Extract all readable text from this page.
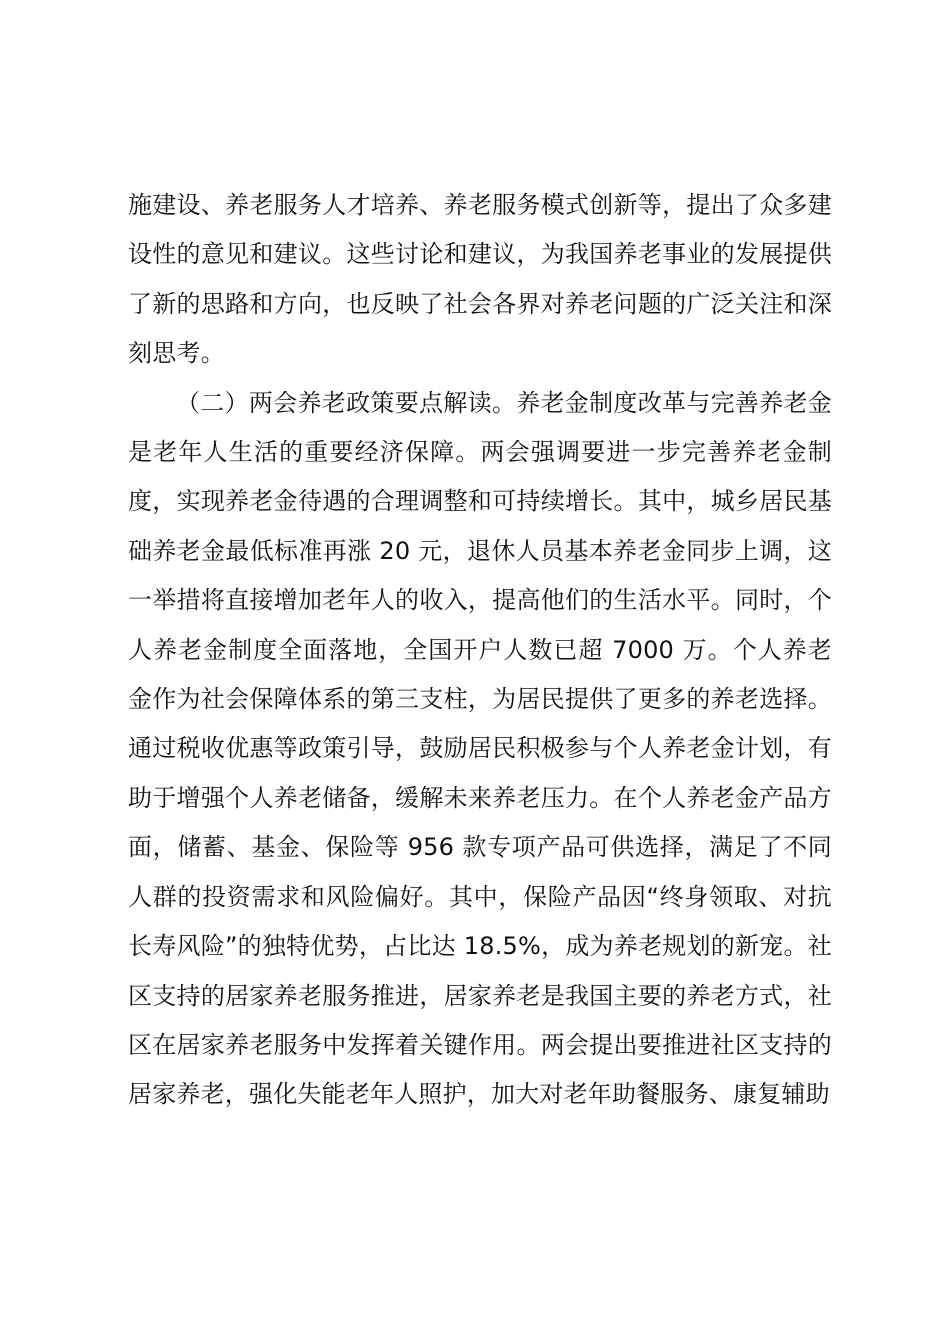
施建设、养老服务人才培养、养老服务模式创新等，提出了众多建设性的意见和建议。这些讨论和建议，为我国养老事业的发展提供了新的思路和方向，也反映了社会各界对养老问题的广泛关注和深刻思考。

（二）两会养老政策要点解读。养老金制度改革与完善养老金是老年人生活的重要经济保障。两会强调要进一步完善养老金制度，实现养老金待遇的合理调整和可持续增长。其中，城乡居民基础养老金最低标准再涨 20 元，退休人员基本养老金同步上调，这一举措将直接增加老年人的收入，提高他们的生活水平。同时，个人养老金制度全面落地，全国开户人数已超 7000 万。个人养老金作为社会保障体系的第三支柱，为居民提供了更多的养老选择。通过税收优惠等政策引导，鼓励居民积极参与个人养老金计划，有助于增强个人养老储备，缓解未来养老压力。在个人养老金产品方面，储蓄、基金、保险等 956 款专项产品可供选择，满足了不同人群的投资需求和风险偏好。其中，保险产品因“终身领取、对抗长寿风险”的独特优势，占比达 18.5%，成为养老规划的新宠。社区支持的居家养老服务推进，居家养老是我国主要的养老方式，社区在居家养老服务中发挥着关键作用。两会提出要推进社区支持的居家养老，强化失能老年人照护，加大对老年助餐服务、康复辅助
